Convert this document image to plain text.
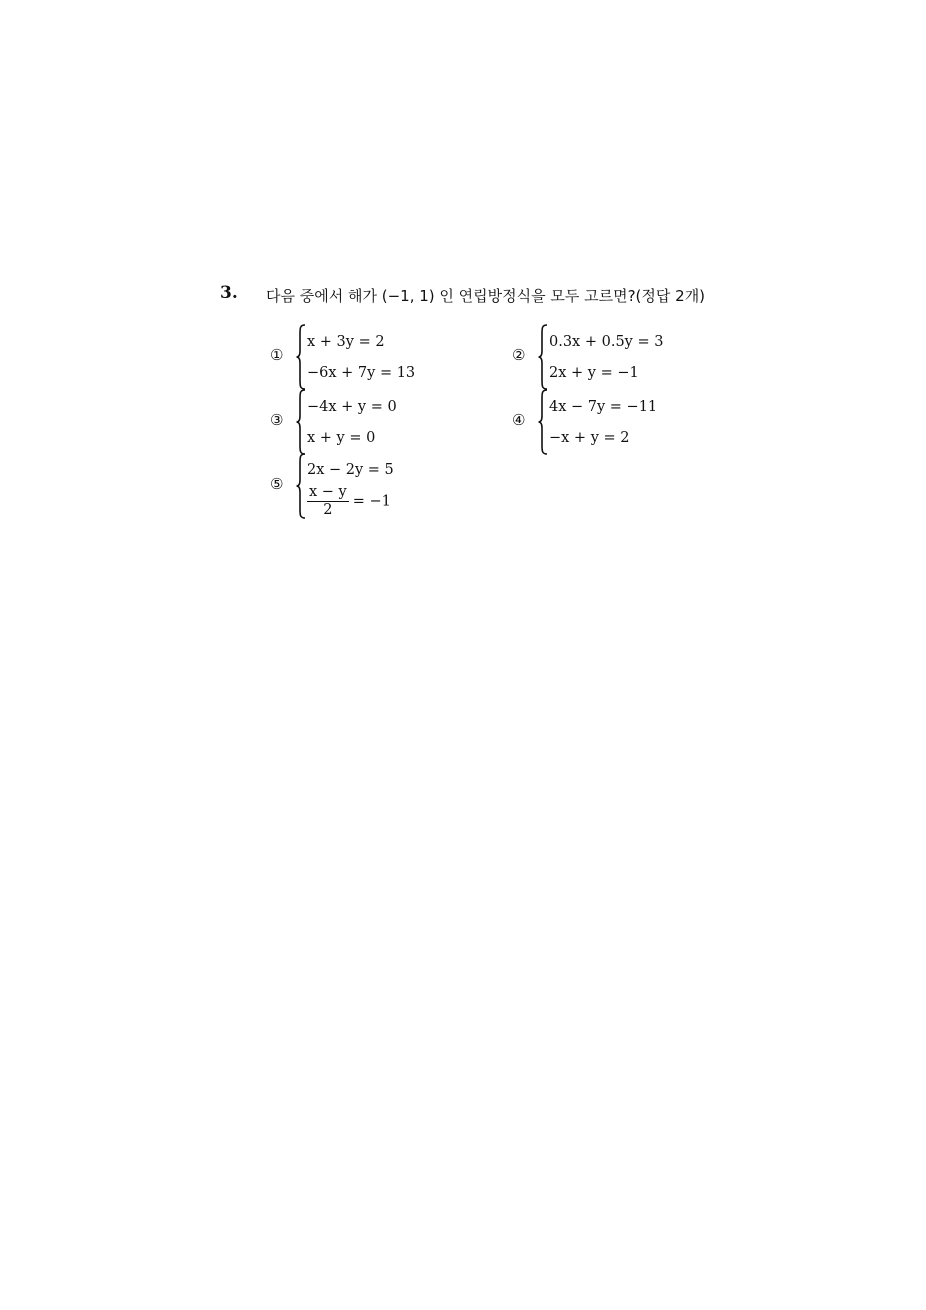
3. 다음 중에서 해가 (−1, 1) 인 연립방정식을 모두 고르면?(정답 2개)
①
x + 3y = 2
−6x + 7y = 13
②
0.3x + 0.5y = 3
2x + y = −1
③
−4x + y = 0
x + y = 0
④
4x − 7y = −11
−x + y = 2
⑤
2x − 2y = 5
$\frac{x - y}{2} = -1$
